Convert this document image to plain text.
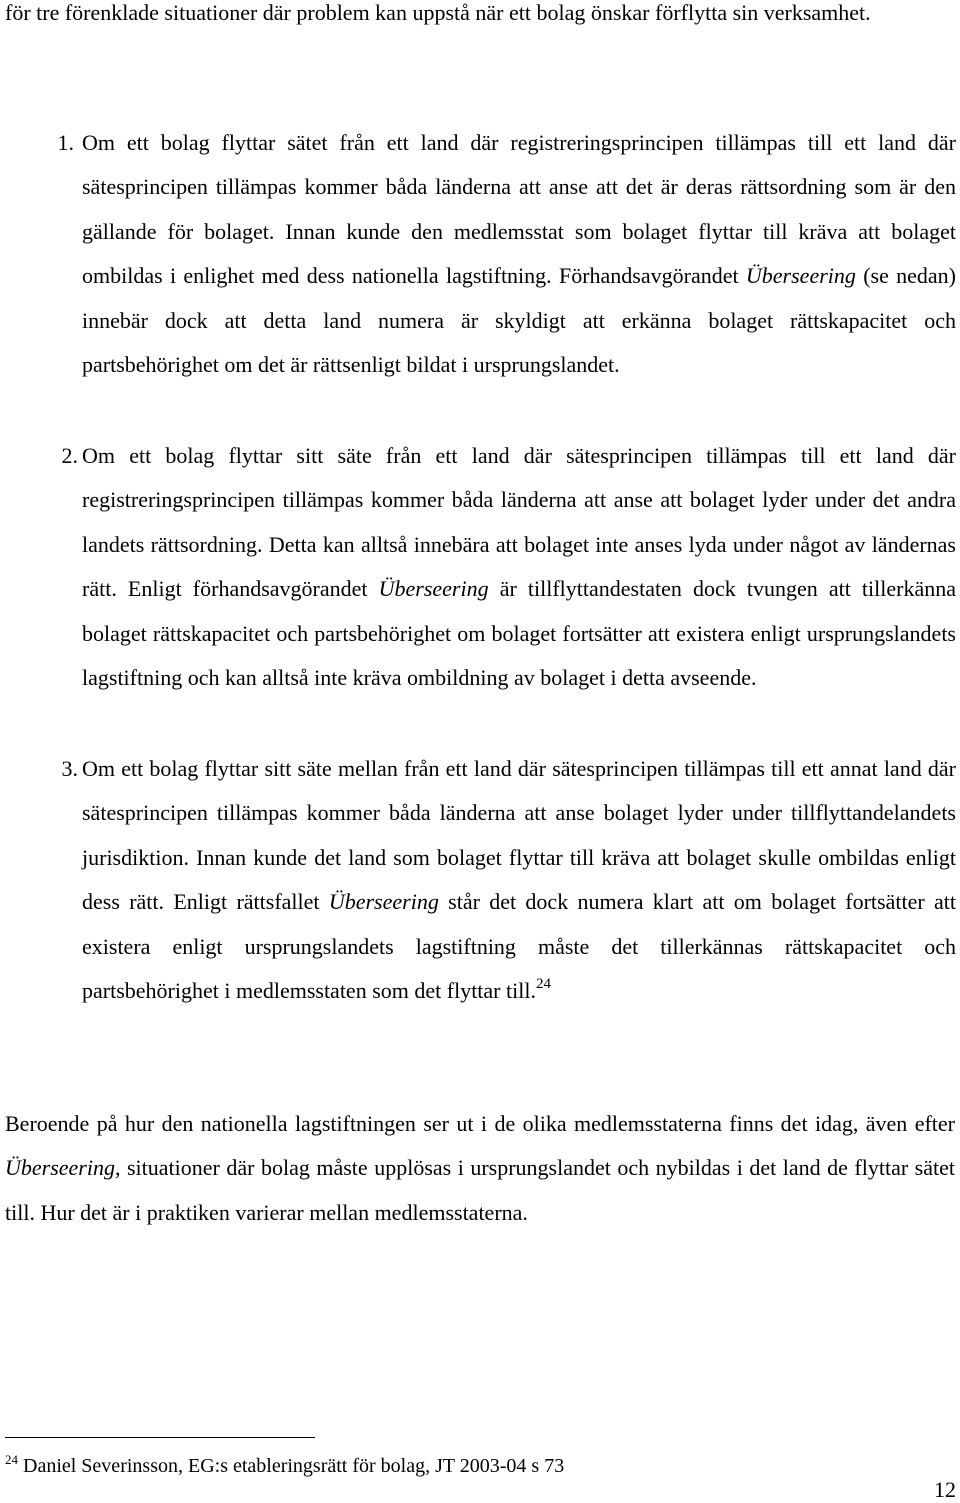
för tre förenklade situationer där problem kan uppstå när ett bolag önskar förflytta sin verksamhet.

1. Om ett bolag flyttar sätet från ett land där registreringsprincipen tillämpas till ett land där sätesprincipen tillämpas kommer båda länderna att anse att det är deras rättsordning som är den gällande för bolaget. Innan kunde den medlemsstat som bolaget flyttar till kräva att bolaget ombildas i enlighet med dess nationella lagstiftning. Förhandsavgörandet Überseering (se nedan) innebär dock att detta land numera är skyldigt att erkänna bolaget rättskapacitet och partsbehörighet om det är rättsenligt bildat i ursprungslandet.
2. Om ett bolag flyttar sitt säte från ett land där sätesprincipen tillämpas till ett land där registreringsprincipen tillämpas kommer båda länderna att anse att bolaget lyder under det andra landets rättsordning. Detta kan alltså innebära att bolaget inte anses lyda under något av ländernas rätt. Enligt förhandsavgörandet Überseering är tillflyttandestaten dock tvungen att tillerkänna bolaget rättskapacitet och partsbehörighet om bolaget fortsätter att existera enligt ursprungslandets lagstiftning och kan alltså inte kräva ombildning av bolaget i detta avseende.
3. Om ett bolag flyttar sitt säte mellan från ett land där sätesprincipen tillämpas till ett annat land där sätesprincipen tillämpas kommer båda länderna att anse bolaget lyder under tillflyttandelandets jurisdiktion. Innan kunde det land som bolaget flyttar till kräva att bolaget skulle ombildas enligt dess rätt. Enligt rättsfallet Überseering står det dock numera klart att om bolaget fortsätter att existera enligt ursprungslandets lagstiftning måste det tillerkännas rättskapacitet och partsbehörighet i medlemsstaten som det flyttar till.$^{24}$

Beroende på hur den nationella lagstiftningen ser ut i de olika medlemsstaterna finns det idag, även efter Überseering, situationer där bolag måste upplösas i ursprungslandet och nybildas i det land de flyttar sätet till. Hur det är i praktiken varierar mellan medlemsstaterna.

$^{24}$ Daniel Severinsson, EG:s etableringsrätt för bolag, JT 2003-04 s 73
12
